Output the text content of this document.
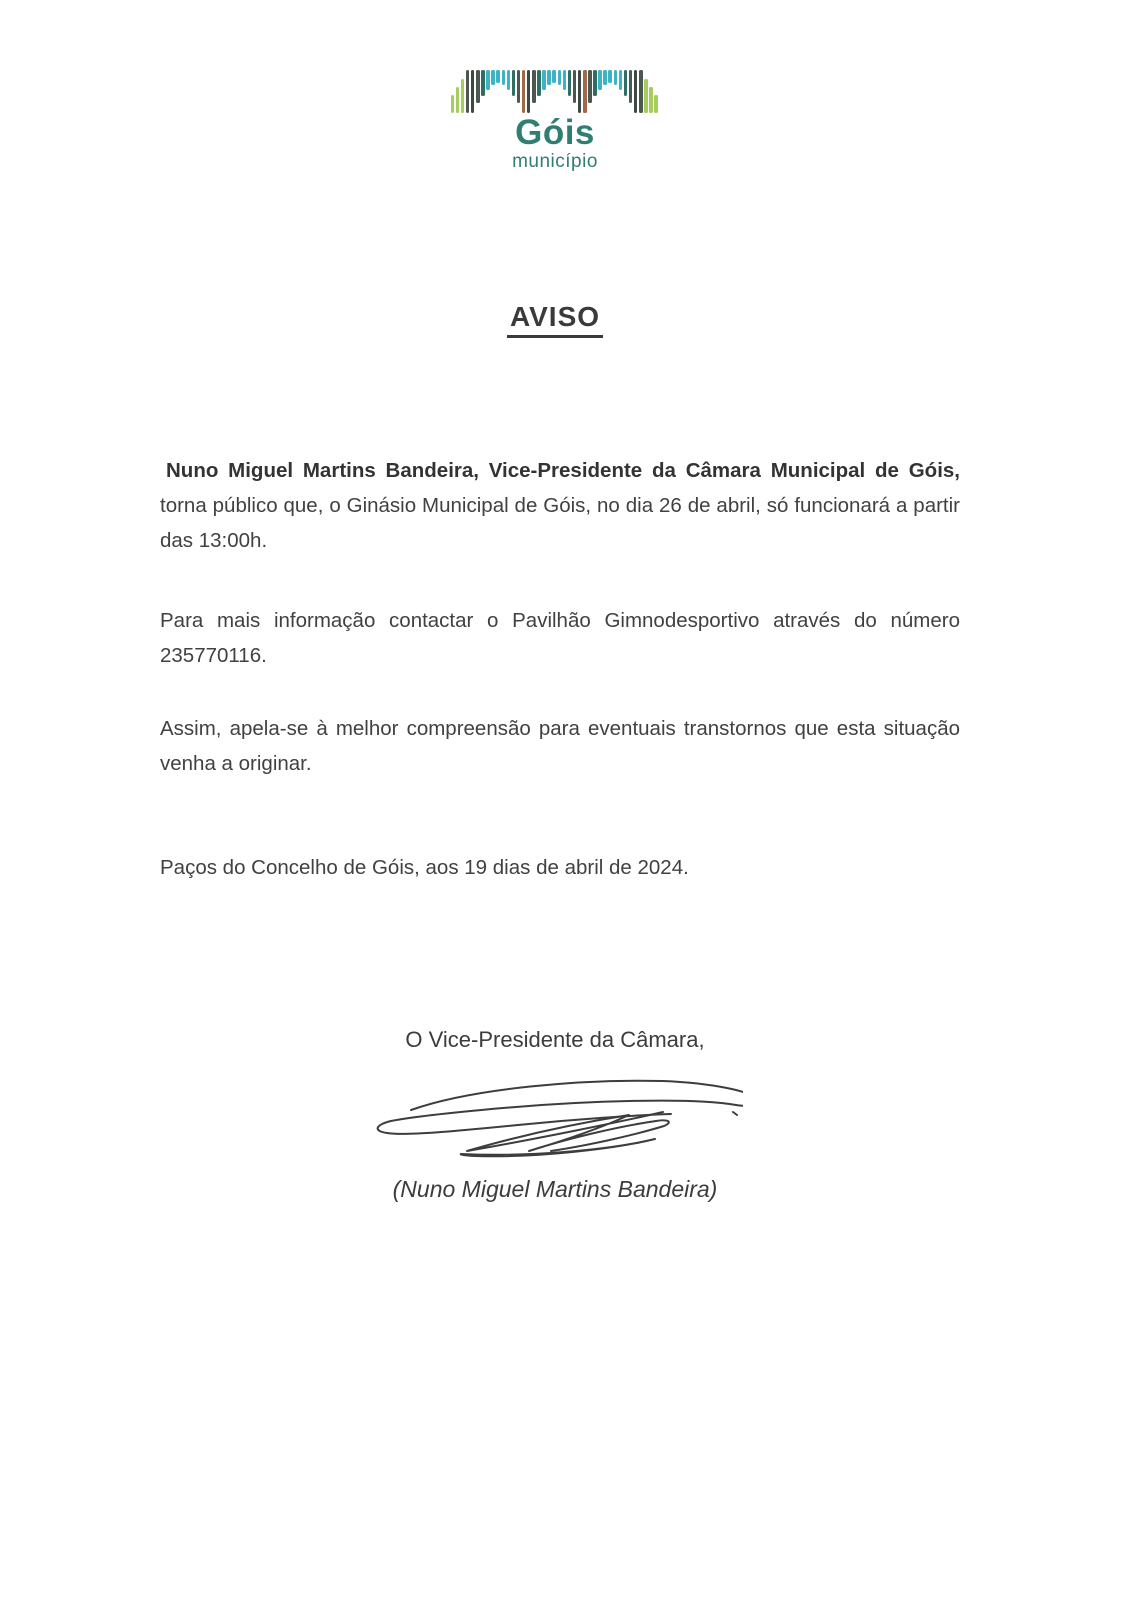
Góis
município
AVISO

Nuno Miguel Martins Bandeira, Vice-Presidente da Câmara Municipal de Góis, torna público que, o Ginásio Municipal de Góis, no dia 26 de abril, só funcionará a partir das 13:00h.

Para mais informação contactar o Pavilhão Gimnodesportivo através do número 235770116.

Assim, apela-se à melhor compreensão para eventuais transtornos que esta situação venha a originar.

Paços do Concelho de Góis, aos 19 dias de abril de 2024.

O Vice-Presidente da Câmara,
(Nuno Miguel Martins Bandeira)
